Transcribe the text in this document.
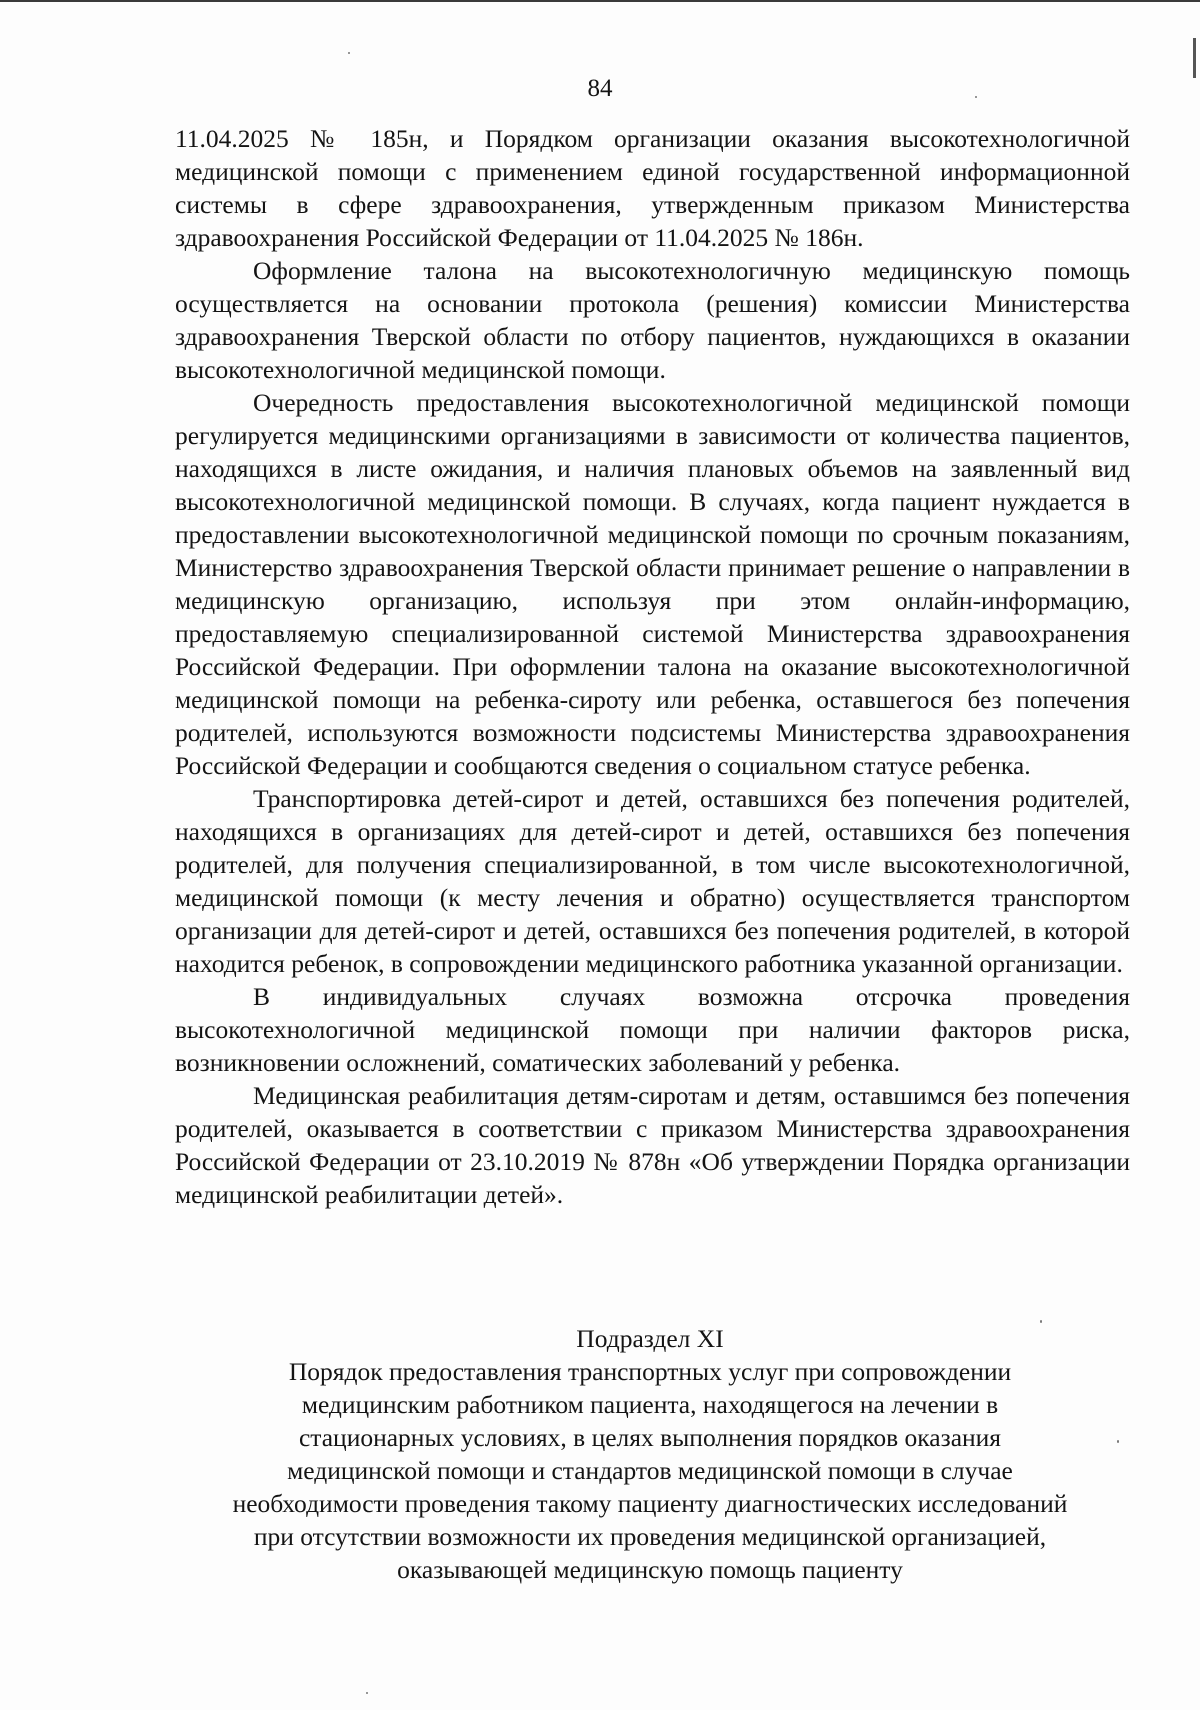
84

11.04.2025 № 185н, и Порядком организации оказания высокотехнологичной медицинской помощи с применением единой государственной информационной системы в сфере здравоохранения, утвержденным приказом Министерства здравоохранения Российской Федерации от 11.04.2025 № 186н.

Оформление талона на высокотехнологичную медицинскую помощь осуществляется на основании протокола (решения) комиссии Министерства здравоохранения Тверской области по отбору пациентов, нуждающихся в оказании высокотехнологичной медицинской помощи.

Очередность предоставления высокотехнологичной медицинской помощи регулируется медицинскими организациями в зависимости от количества пациентов, находящихся в листе ожидания, и наличия плановых объемов на заявленный вид высокотехнологичной медицинской помощи. В случаях, когда пациент нуждается в предоставлении высокотехнологичной медицинской помощи по срочным показаниям, Министерство здравоохранения Тверской области принимает решение о направлении в медицинскую организацию, используя при этом онлайн-информацию, предоставляемую специализированной системой Министерства здравоохранения Российской Федерации. При оформлении талона на оказание высокотехнологичной медицинской помощи на ребенка-сироту или ребенка, оставшегося без попечения родителей, используются возможности подсистемы Министерства здравоохранения Российской Федерации и сообщаются сведения о социальном статусе ребенка.

Транспортировка детей-сирот и детей, оставшихся без попечения родителей, находящихся в организациях для детей-сирот и детей, оставшихся без попечения родителей, для получения специализированной, в том числе высокотехнологичной, медицинской помощи (к месту лечения и обратно) осуществляется транспортом организации для детей-сирот и детей, оставшихся без попечения родителей, в которой находится ребенок, в сопровождении медицинского работника указанной организации.

В индивидуальных случаях возможна отсрочка проведения высокотехнологичной медицинской помощи при наличии факторов риска, возникновении осложнений, соматических заболеваний у ребенка.

Медицинская реабилитация детям-сиротам и детям, оставшимся без попечения родителей, оказывается в соответствии с приказом Министерства здравоохранения Российской Федерации от 23.10.2019 № 878н «Об утверждении Порядка организации медицинской реабилитации детей».

Подраздел XI
Порядок предоставления транспортных услуг при сопровождении
медицинским работником пациента, находящегося на лечении в
стационарных условиях, в целях выполнения порядков оказания
медицинской помощи и стандартов медицинской помощи в случае
необходимости проведения такому пациенту диагностических исследований
при отсутствии возможности их проведения медицинской организацией,
оказывающей медицинскую помощь пациенту
